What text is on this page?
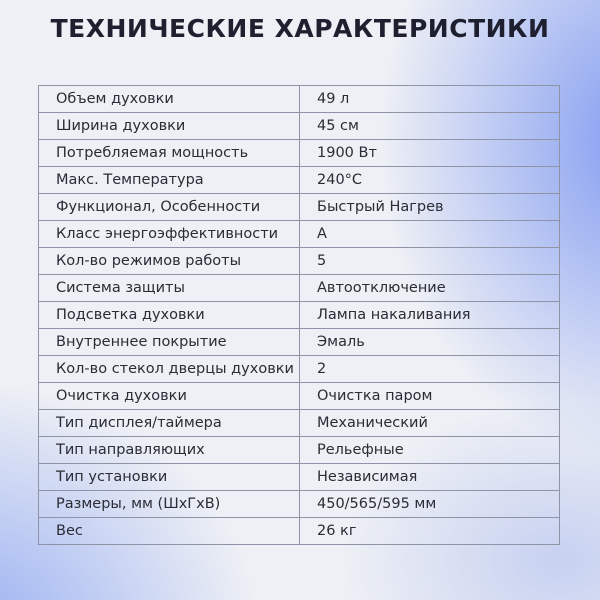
ТЕХНИЧЕСКИЕ ХАРАКТЕРИСТИКИ
Объем духовки	49 л
Ширина духовки	45 см
Потребляемая мощность	1900 Вт
Макс. Температура	240°С
Функционал, Особенности	Быстрый Нагрев
Класс энергоэффективности	A
Кол-во режимов работы	5
Система защиты	Автоотключение
Подсветка духовки	Лампа накаливания
Внутреннее покрытие	Эмаль
Кол-во стекол дверцы духовки	2
Очистка духовки	Очистка паром
Тип дисплея/таймера	Механический
Тип направляющих	Рельефные
Тип установки	Независимая
Размеры, мм (ШхГхВ)	450/565/595 мм
Вес	26 кг
